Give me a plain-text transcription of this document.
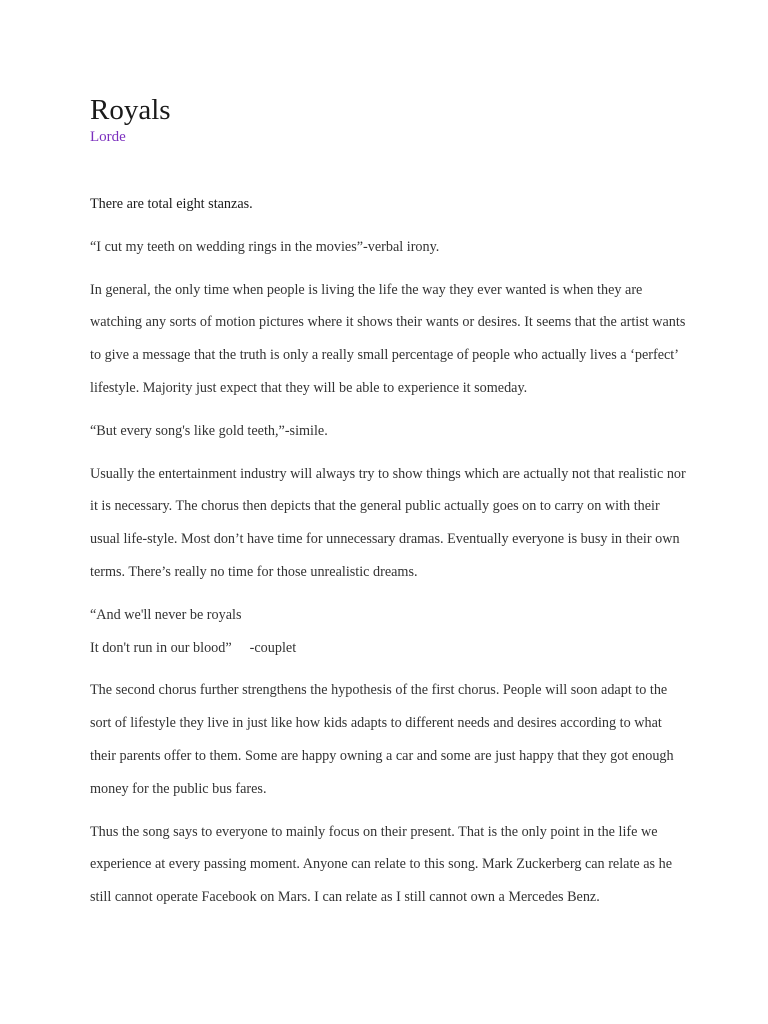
Royals
Lorde

There are total eight stanzas.

“I cut my teeth on wedding rings in the movies”-verbal irony.

In general, the only time when people is living the life the way they ever wanted is when they are watching any sorts of motion pictures where it shows their wants or desires. It seems that the artist wants to give a message that the truth is only a really small percentage of people who actually lives a ‘perfect’ lifestyle. Majority just expect that they will be able to experience it someday.

“But every song's like gold teeth,”-simile.

Usually the entertainment industry will always try to show things which are actually not that realistic nor it is necessary. The chorus then depicts that the general public actually goes on to carry on with their usual life-style. Most don’t have time for unnecessary dramas. Eventually everyone is busy in their own terms. There’s really no time for those unrealistic dreams.

“And we'll never be royals
It don't run in our blood” -couplet

The second chorus further strengthens the hypothesis of the first chorus. People will soon adapt to the sort of lifestyle they live in just like how kids adapts to different needs and desires according to what their parents offer to them. Some are happy owning a car and some are just happy that they got enough money for the public bus fares.

Thus the song says to everyone to mainly focus on their present. That is the only point in the life we experience at every passing moment. Anyone can relate to this song. Mark Zuckerberg can relate as he still cannot operate Facebook on Mars. I can relate as I still cannot own a Mercedes Benz.
